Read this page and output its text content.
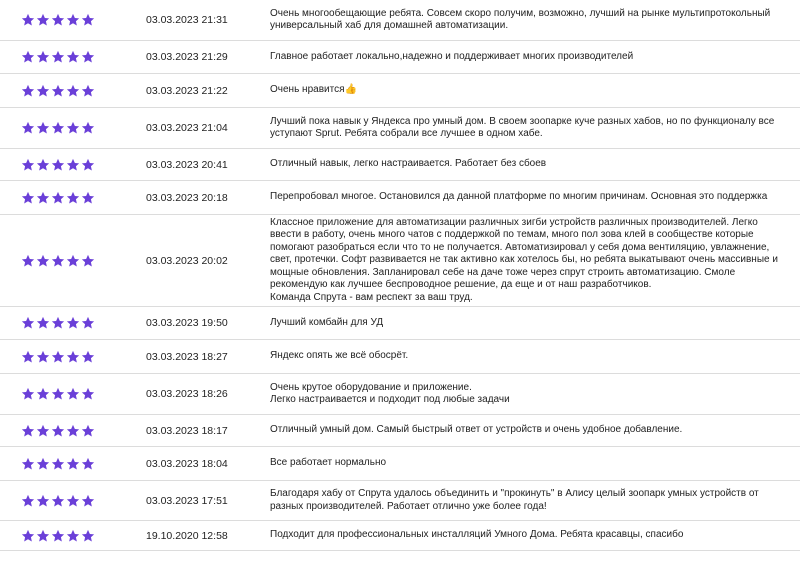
03.03.2023 21:31
Очень многообещающие ребята. Совсем скоро получим, возможно, лучший на рынке мультипротокольный
универсальный хаб для домашней автоматизации.
03.03.2023 21:29	Главное работает локально,надежно и поддерживает многих производителей
03.03.2023 21:22	Очень нравится👍
03.03.2023 21:04
Лучший пока навык у Яндекса про умный дом. В своем зоопарке куче разных хабов, но по функционалу все
уступают Sprut. Ребята собрали все лучшее в одном хабе.
03.03.2023 20:41	Отличный навык, легко настраивается. Работает без сбоев
03.03.2023 20:18	Перепробовал многое. Остановился да данной платформе по многим причинам. Основная это поддержка
03.03.2023 20:02
Классное приложение для автоматизации различных зигби устройств различных производителей. Легко
ввести в работу, очень много чатов с поддержкой по темам, много пол зова клей в сообществе которые
помогают разобраться если что то не получается. Автоматизировал у себя дома вентиляцию, увлажнение,
свет, протечки. Софт развивается не так активно как хотелось бы, но ребята выкатывают очень массивные и
мощные обновления. Запланировал себе на даче тоже через спрут строить автоматизацию. Смоле
рекомендую как лучшее беспроводное решение, да еще и от наш разработчиков.
Команда Спрута - вам респект за ваш труд.
03.03.2023 19:50	Лучший комбайн для УД
03.03.2023 18:27	Яндекс опять же всё обосрёт.
03.03.2023 18:26
Очень крутое оборудование и приложение.
Легко настраивается и подходит под любые задачи
03.03.2023 18:17	Отличный умный дом. Самый быстрый ответ от устройств и очень удобное добавление.
03.03.2023 18:04	Все работает нормально
03.03.2023 17:51
Благодаря хабу от Спрута удалось объединить и "прокинуть" в Алису целый зоопарк умных устройств от
разных производителей. Работает отлично уже более года!
19.10.2020 12:58	Подходит для профессиональных инсталляций Умного Дома. Ребята красавцы, спасибо
